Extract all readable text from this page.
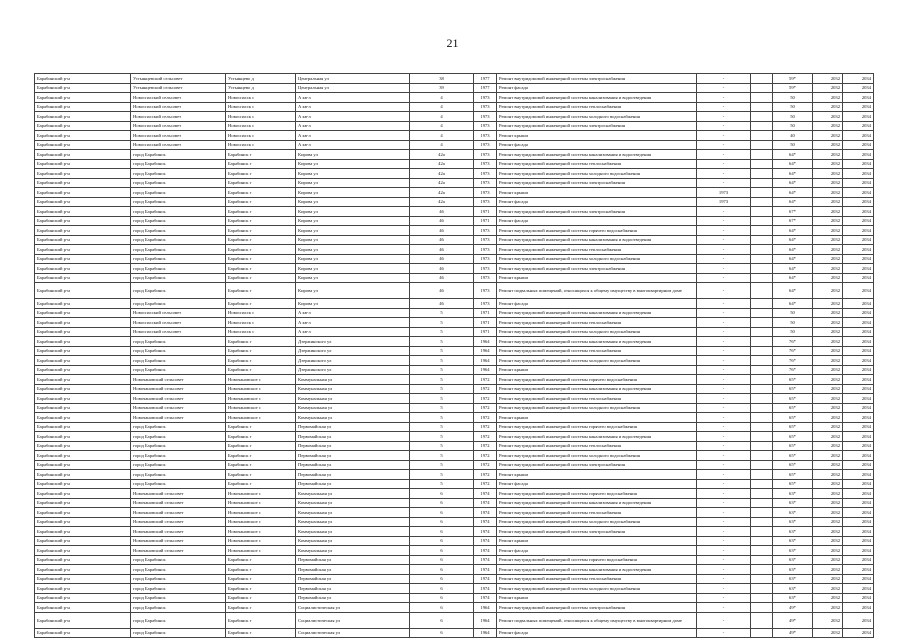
21
Барабинский р-н	Устьянцевский сельсовет	Устьянцево д	Центральная ул	38	1977	Ремонт внутридомовой инженерной системы электроснабжения	-		59*	2032	2034
Барабинский р-н	Устьянцевский сельсовет	Устьянцево д	Центральная ул	39	1977	Ремонт фасада	-		59*	2032	2034
Барабинский р-н	Новоспасский сельсовет	Новоспасск с	А кв-л	4	1973	Ремонт внутридомовой инженерной системы канализования и водоотведения	-		50	2032	2034
Барабинский р-н	Новоспасский сельсовет	Новоспасск с	А кв-л	4	1973	Ремонт внутридомовой инженерной системы теплоснабжения	-		50	2032	2034
Барабинский р-н	Новоспасский сельсовет	Новоспасск с	А кв-л	4	1973	Ремонт внутридомовой инженерной системы холодного водоснабжения	-		50	2032	2034
Барабинский р-н	Новоспасский сельсовет	Новоспасск с	А кв-л	4	1973	Ремонт внутридомовой инженерной системы электроснабжения	-		50	2032	2034
Барабинский р-н	Новоспасский сельсовет	Новоспасск с	А кв-л	4	1973	Ремонт крыши	-		40	2032	2034
Барабинский р-н	Новоспасский сельсовет	Новоспасск с	А кв-л	4	1973	Ремонт фасада	-		50	2032	2034
Барабинский р-н	город Барабинск	Барабинск г	Кирова ул	42а	1973	Ремонт внутридомовой инженерной системы канализования и водоотведения	-		64*	2032	2034
Барабинский р-н	город Барабинск	Барабинск г	Кирова ул	42а	1973	Ремонт внутридомовой инженерной системы теплоснабжения	-		64*	2032	2034
Барабинский р-н	город Барабинск	Барабинск г	Кирова ул	42а	1973	Ремонт внутридомовой инженерной системы холодного водоснабжения	-		64*	2032	2034
Барабинский р-н	город Барабинск	Барабинск г	Кирова ул	42а	1973	Ремонт внутридомовой инженерной системы электроснабжения	-		64*	2032	2034
Барабинский р-н	город Барабинск	Барабинск г	Кирова ул	42а	1973	Ремонт крыши	1973		64*	2032	2034
Барабинский р-н	город Барабинск	Барабинск г	Кирова ул	42а	1973	Ремонт фасада	1973		64*	2032	2034
Барабинский р-н	город Барабинск	Барабинск г	Кирова ул	46	1971	Ремонт внутридомовой инженерной системы электроснабжения	-		67*	2032	2034
Барабинский р-н	город Барабинск	Барабинск г	Кирова ул	46	1971	Ремонт фасада	-		67*	2032	2034
Барабинский р-н	город Барабинск	Барабинск г	Кирова ул	46	1973	Ремонт внутридомовой инженерной системы горячего водоснабжения	-		64*	2032	2034
Барабинский р-н	город Барабинск	Барабинск г	Кирова ул	46	1973	Ремонт внутридомовой инженерной системы канализования и водоотведения	-		64*	2032	2034
Барабинский р-н	город Барабинск	Барабинск г	Кирова ул	46	1973	Ремонт внутридомовой инженерной системы теплоснабжения	-		64*	2032	2034
Барабинский р-н	город Барабинск	Барабинск г	Кирова ул	46	1973	Ремонт внутридомовой инженерной системы холодного водоснабжения	-		64*	2032	2034
Барабинский р-н	город Барабинск	Барабинск г	Кирова ул	46	1973	Ремонт внутридомовой инженерной системы электроснабжения	-		64*	2032	2034
Барабинский р-н	город Барабинск	Барабинск г	Кирова ул	46	1973	Ремонт крыши	-		64*	2032	2034
Барабинский р-н	город Барабинск	Барабинск г	Кирова ул	46	1973	Ремонт подвальных помещений, относящихся к общему имуществу в многоквартирном доме	-		64*	2032	2034
Барабинский р-н	город Барабинск	Барабинск г	Кирова ул	46	1973	Ремонт фасада	-		64*	2032	2034
Барабинский р-н	Новоспасский сельсовет	Новоспасск с	А кв-л	5	1971	Ремонт внутридомовой инженерной системы канализования и водоотведения	-		50	2032	2034
Барабинский р-н	Новоспасский сельсовет	Новоспасск с	А кв-л	5	1971	Ремонт внутридомовой инженерной системы теплоснабжения	-		50	2032	2034
Барабинский р-н	Новоспасский сельсовет	Новоспасск с	А кв-л	5	1971	Ремонт внутридомовой инженерной системы холодного водоснабжения	-		50	2032	2034
Барабинский р-н	город Барабинск	Барабинск г	Дзержинского ул	5	1964	Ремонт внутридомовой инженерной системы канализования и водоотведения	-		76*	2032	2034
Барабинский р-н	город Барабинск	Барабинск г	Дзержинского ул	5	1964	Ремонт внутридомовой инженерной системы теплоснабжения	-		76*	2032	2034
Барабинский р-н	город Барабинск	Барабинск г	Дзержинского ул	5	1964	Ремонт внутридомовой инженерной системы холодного водоснабжения	-		76*	2032	2034
Барабинский р-н	город Барабинск	Барабинск г	Дзержинского ул	5	1964	Ремонт крыши	-		76*	2032	2034
Барабинский р-н	Новочановский сельсовет	Новочановское с	Коммунальная ул	5	1972	Ремонт внутридомовой инженерной системы горячего водоснабжения	-		65*	2032	2034
Барабинский р-н	Новочановский сельсовет	Новочановское с	Коммунальная ул	5	1972	Ремонт внутридомовой инженерной системы канализования и водоотведения	-		65*	2032	2034
Барабинский р-н	Новочановский сельсовет	Новочановское с	Коммунальная ул	5	1972	Ремонт внутридомовой инженерной системы теплоснабжения	-		65*	2032	2034
Барабинский р-н	Новочановский сельсовет	Новочановское с	Коммунальная ул	5	1972	Ремонт внутридомовой инженерной системы холодного водоснабжения	-		65*	2032	2034
Барабинский р-н	Новочановский сельсовет	Новочановское с	Коммунальная ул	5	1972	Ремонт крыши	-		65*	2032	2034
Барабинский р-н	город Барабинск	Барабинск г	Первомайская ул	5	1972	Ремонт внутридомовой инженерной системы горячего водоснабжения	-		65*	2032	2034
Барабинский р-н	город Барабинск	Барабинск г	Первомайская ул	5	1972	Ремонт внутридомовой инженерной системы канализования и водоотведения	-		65*	2032	2034
Барабинский р-н	город Барабинск	Барабинск г	Первомайская ул	5	1972	Ремонт внутридомовой инженерной системы теплоснабжения	-		65*	2032	2034
Барабинский р-н	город Барабинск	Барабинск г	Первомайская ул	5	1972	Ремонт внутридомовой инженерной системы холодного водоснабжения	-		65*	2032	2034
Барабинский р-н	город Барабинск	Барабинск г	Первомайская ул	5	1972	Ремонт внутридомовой инженерной системы электроснабжения	-		65*	2032	2034
Барабинский р-н	город Барабинск	Барабинск г	Первомайская ул	5	1972	Ремонт крыши	-		65*	2032	2034
Барабинский р-н	город Барабинск	Барабинск г	Первомайская ул	5	1972	Ремонт фасада	-		65*	2032	2034
Барабинский р-н	Новочановский сельсовет	Новочановское с	Коммунальная ул	6	1974	Ремонт внутридомовой инженерной системы горячего водоснабжения	-		63*	2032	2034
Барабинский р-н	Новочановский сельсовет	Новочановское с	Коммунальная ул	6	1974	Ремонт внутридомовой инженерной системы канализования и водоотведения	-		63*	2032	2034
Барабинский р-н	Новочановский сельсовет	Новочановское с	Коммунальная ул	6	1974	Ремонт внутридомовой инженерной системы теплоснабжения	-		63*	2032	2034
Барабинский р-н	Новочановский сельсовет	Новочановское с	Коммунальная ул	6	1974	Ремонт внутридомовой инженерной системы холодного водоснабжения	-		63*	2032	2034
Барабинский р-н	Новочановский сельсовет	Новочановское с	Коммунальная ул	6	1974	Ремонт внутридомовой инженерной системы электроснабжения	-		63*	2032	2034
Барабинский р-н	Новочановский сельсовет	Новочановское с	Коммунальная ул	6	1974	Ремонт крыши	-		63*	2032	2034
Барабинский р-н	Новочановский сельсовет	Новочановское с	Коммунальная ул	6	1974	Ремонт фасада	-		63*	2032	2034
Барабинский р-н	город Барабинск	Барабинск г	Первомайская ул	6	1974	Ремонт внутридомовой инженерной системы горячего водоснабжения	-		63*	2032	2034
Барабинский р-н	город Барабинск	Барабинск г	Первомайская ул	6	1974	Ремонт внутридомовой инженерной системы канализования и водоотведения	-		63*	2032	2034
Барабинский р-н	город Барабинск	Барабинск г	Первомайская ул	6	1974	Ремонт внутридомовой инженерной системы теплоснабжения	-		63*	2032	2034
Барабинский р-н	город Барабинск	Барабинск г	Первомайская ул	6	1974	Ремонт внутридомовой инженерной системы холодного водоснабжения	-		63*	2032	2034
Барабинский р-н	город Барабинск	Барабинск г	Первомайская ул	6	1974	Ремонт крыши	-		63*	2032	2034
Барабинский р-н	город Барабинск	Барабинск г	Социалистическая ул	6	1964	Ремонт внутридомовой инженерной системы электроснабжения	-		49*	2032	2034
Барабинский р-н	город Барабинск	Барабинск г	Социалистическая ул	6	1964	Ремонт подвальных помещений, относящихся к общему имуществу в многоквартирном доме	-		49*	2032	2034
Барабинский р-н	город Барабинск	Барабинск г	Социалистическая ул	6	1964	Ремонт фасада	-		49*	2032	2034
